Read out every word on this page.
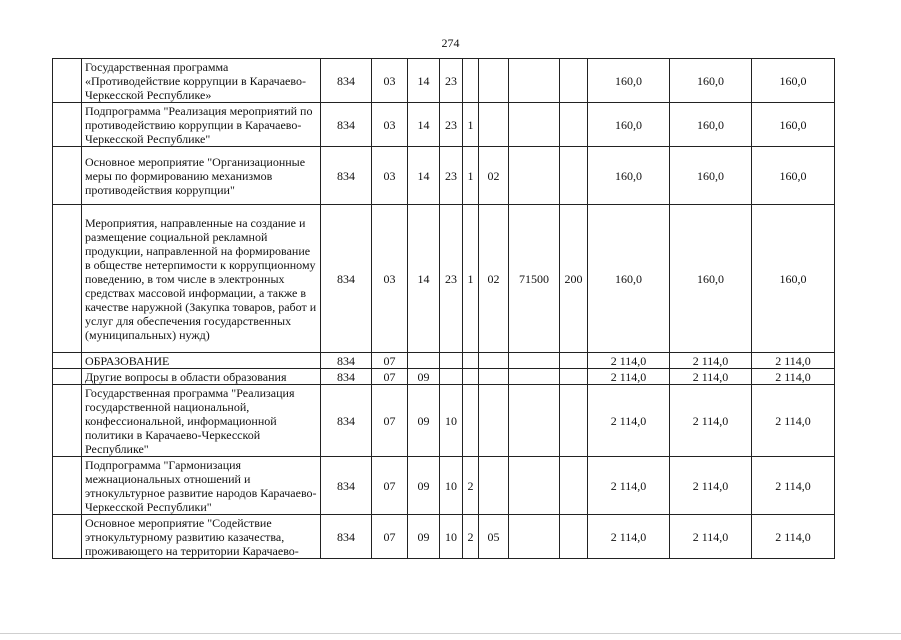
274
	Государственная программа «Противодействие коррупции в Карачаево-Черкесской Республике»	834	03	14	23					160,0	160,0	160,0
	Подпрограмма "Реализация мероприятий по противодействию коррупции в Карачаево-Черкесской Республике"	834	03	14	23	1				160,0	160,0	160,0
	Основное мероприятие "Организационные меры по формированию механизмов противодействия коррупции"	834	03	14	23	1	02			160,0	160,0	160,0
	Мероприятия, направленные на создание и размещение социальной рекламной продукции, направленной на формирование в обществе нетерпимости к коррупционному поведению, в том числе в электронных средствах массовой информации, а также в качестве наружной (Закупка товаров, работ и услуг для обеспечения государственных (муниципальных) нужд)	834	03	14	23	1	02	71500	200	160,0	160,0	160,0
	ОБРАЗОВАНИЕ	834	07							2 114,0	2 114,0	2 114,0
	Другие вопросы в области образования	834	07	09						2 114,0	2 114,0	2 114,0
	Государственная программа "Реализация государственной национальной, конфессиональной, информационной политики в Карачаево-Черкесской Республике"	834	07	09	10					2 114,0	2 114,0	2 114,0
	Подпрограмма "Гармонизация межнациональных отношений и этнокультурное развитие народов Карачаево-Черкесской Республики"	834	07	09	10	2				2 114,0	2 114,0	2 114,0
	Основное мероприятие "Содействие этнокультурному развитию казачества, проживающего на территории Карачаево-	834	07	09	10	2	05			2 114,0	2 114,0	2 114,0
